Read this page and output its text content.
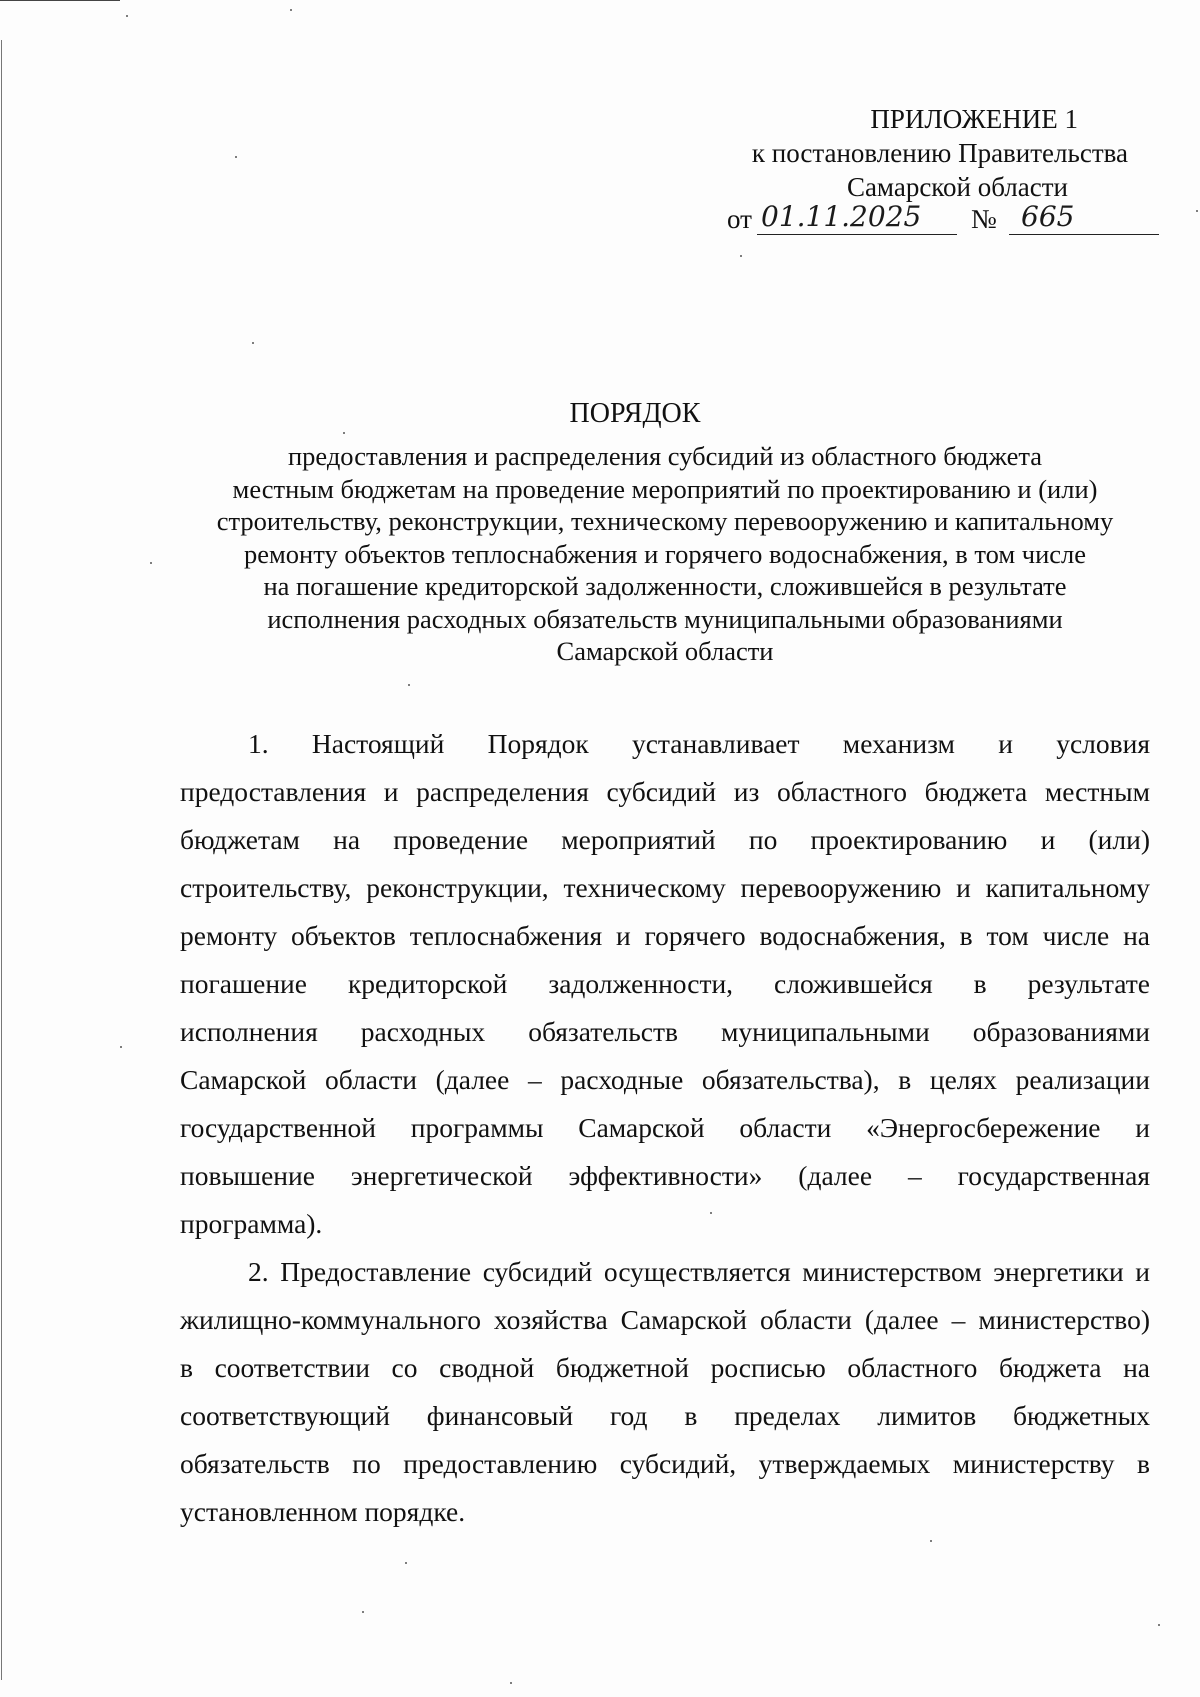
ПРИЛОЖЕНИЕ 1
к постановлению Правительства
Самарской области
от 01.11.2025 № 665
ПОРЯДОК
предоставления и распределения субсидий из областного бюджета
местным бюджетам на проведение мероприятий по проектированию и (или)
строительству, реконструкции, техническому перевооружению и капитальному
ремонту объектов теплоснабжения и горячего водоснабжения, в том числе
на погашение кредиторской задолженности, сложившейся в результате
исполнения расходных обязательств муниципальными образованиями
Самарской области
1. Настоящий Порядок устанавливает механизм и условия
предоставления и распределения субсидий из областного бюджета местным
бюджетам на проведение мероприятий по проектированию и (или)
строительству, реконструкции, техническому перевооружению и капитальному
ремонту объектов теплоснабжения и горячего водоснабжения, в том числе на
погашение кредиторской задолженности, сложившейся в результате
исполнения расходных обязательств муниципальными образованиями
Самарской области (далее – расходные обязательства), в целях реализации
государственной программы Самарской области «Энергосбережение и
повышение энергетической эффективности» (далее – государственная
программа).
2. Предоставление субсидий осуществляется министерством энергетики и
жилищно-коммунального хозяйства Самарской области (далее – министерство)
в соответствии со сводной бюджетной росписью областного бюджета на
соответствующий финансовый год в пределах лимитов бюджетных
обязательств по предоставлению субсидий, утверждаемых министерству в
установленном порядке.
